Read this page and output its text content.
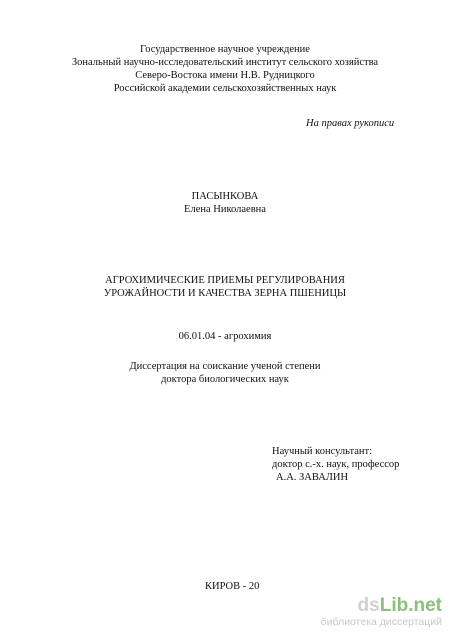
Государственное научное учреждение
Зональный научно-исследовательский институт сельского хозяйства
Северо-Востока имени Н.В. Рудницкого
Российской академии сельскохозяйственных наук
На правах рукописи
ПАСЫНКОВА
Елена Николаевна
АГРОХИМИЧЕСКИЕ ПРИЕМЫ РЕГУЛИРОВАНИЯ
УРОЖАЙНОСТИ И КАЧЕСТВА ЗЕРНА ПШЕНИЦЫ
06.01.04 - агрохимия
Диссертация на соискание ученой степени
доктора биологических наук
Научный консультант:
доктор с.-х. наук, профессор
А.А. ЗАВАЛИН
КИРОВ - 20
dsLib.net
библиотека диссертаций
